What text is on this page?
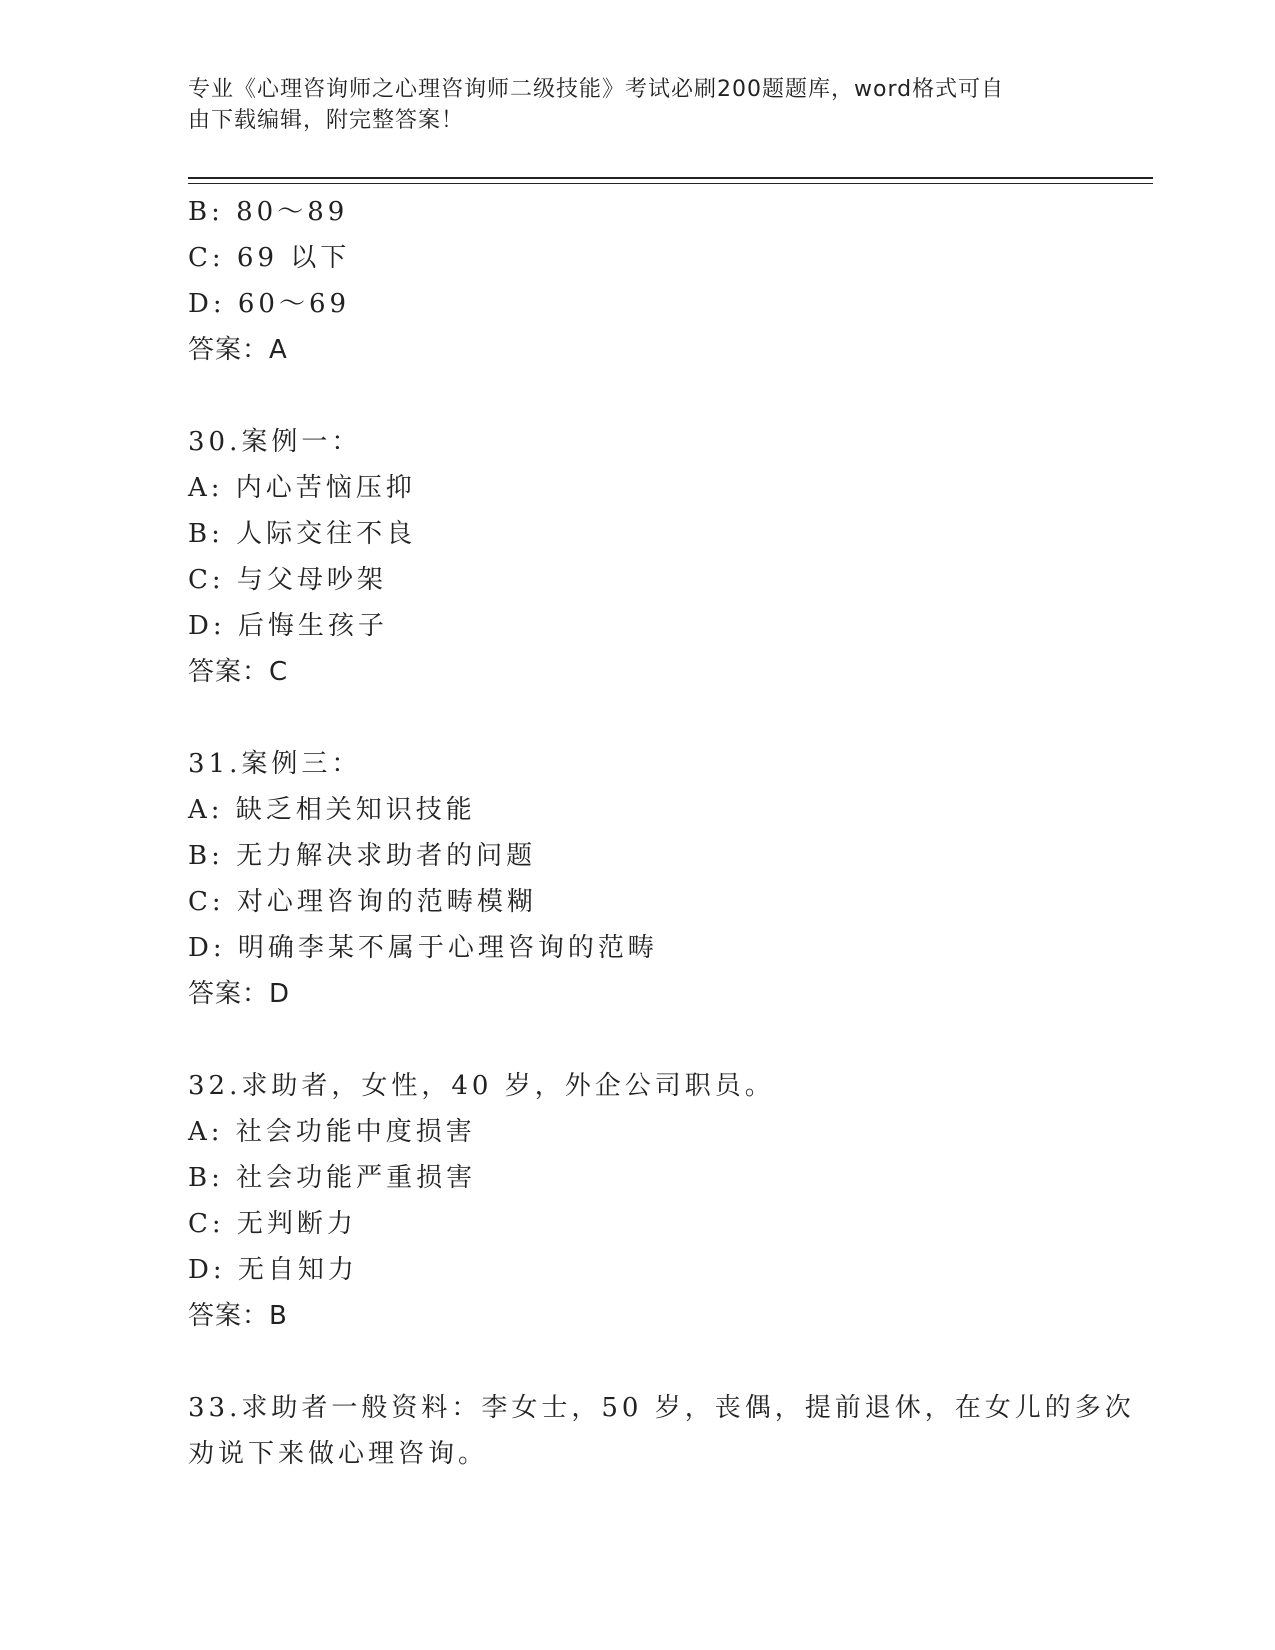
专业《心理咨询师之心理咨询师二级技能》考试必刷200题题库，word格式可自
由下载编辑，附完整答案！
B: 80～89
C: 69 以下
D: 60～69
答案：A
30.案例一：
A: 内心苦恼压抑
B: 人际交往不良
C: 与父母吵架
D: 后悔生孩子
答案：C
31.案例三：
A: 缺乏相关知识技能
B: 无力解决求助者的问题
C: 对心理咨询的范畴模糊
D: 明确李某不属于心理咨询的范畴
答案：D
32.求助者，女性，40 岁，外企公司职员。
A: 社会功能中度损害
B: 社会功能严重损害
C: 无判断力
D: 无自知力
答案：B
33.求助者一般资料：李女士，50 岁，丧偶，提前退休，在女儿的多次
劝说下来做心理咨询。
